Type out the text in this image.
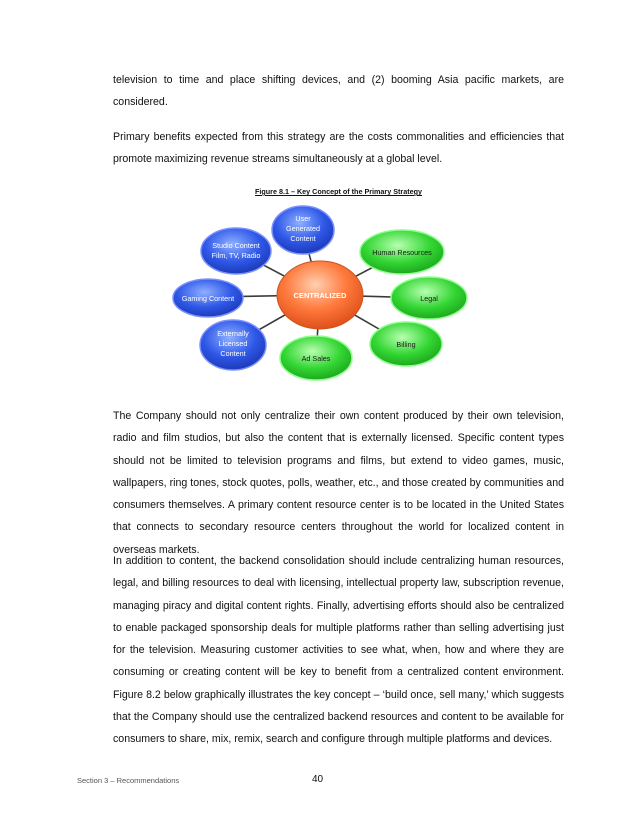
television to time and place shifting devices, and (2) booming Asia pacific markets, are considered.

Primary benefits expected from this strategy are the costs commonalities and efficiencies that promote maximizing revenue streams simultaneously at a global level.

Figure 8.1 – Key Concept of the Primary Strategy
CENTRALIZED
User
Generated
Content
Studio Content
Film, TV, Radio
Gaming Content
Externally
Licensed
Content
Ad Sales
Billing
Legal
Human Resources

The Company should not only centralize their own content produced by their own television, radio and film studios, but also the content that is externally licensed. Specific content types should not be limited to television programs and films, but extend to video games, music, wallpapers, ring tones, stock quotes, polls, weather, etc., and those created by communities and consumers themselves. A primary content resource center is to be located in the United States that connects to secondary resource centers throughout the world for localized content in overseas markets.

In addition to content, the backend consolidation should include centralizing human resources, legal, and billing resources to deal with licensing, intellectual property law, subscription revenue, managing piracy and digital content rights. Finally, advertising efforts should also be centralized to enable packaged sponsorship deals for multiple platforms rather than selling advertising just for the television. Measuring customer activities to see what, when, how and where they are consuming or creating content will be key to benefit from a centralized content environment. Figure 8.2 below graphically illustrates the key concept – ‘build once, sell many,’ which suggests that the Company should use the centralized backend resources and content to be available for consumers to share, mix, remix, search and configure through multiple platforms and devices.

Section 3 – Recommendations	40
